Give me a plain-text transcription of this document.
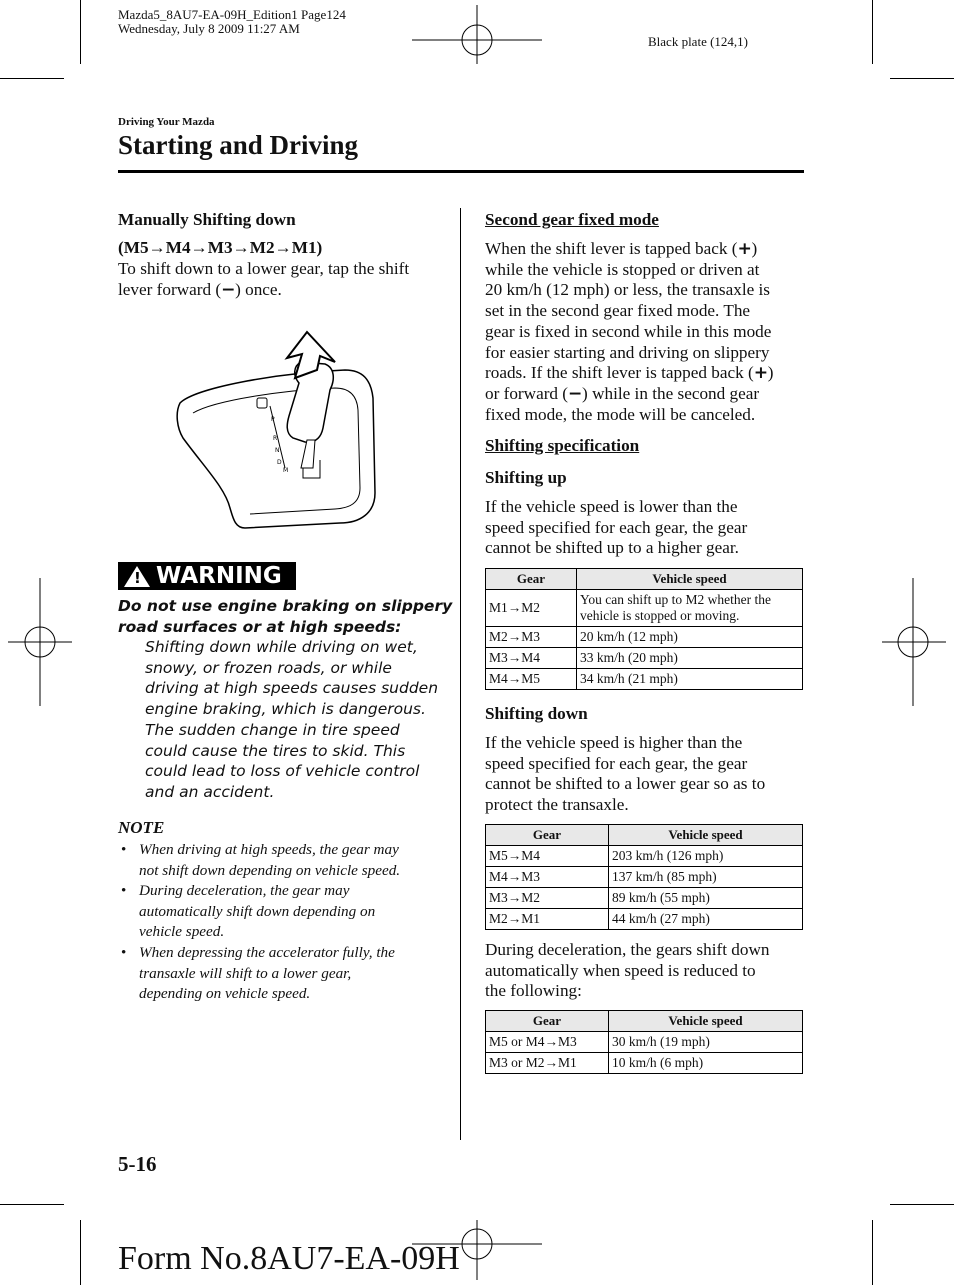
Mazda5_8AU7-EA-09H_Edition1 Page124
Wednesday, July 8 2009 11:27 AM
Black plate (124,1)
Driving Your Mazda
Starting and Driving
Manually Shifting down
(M5→M4→M3→M2→M1)
To shift down to a lower gear, tap the shift
lever forward (−) once.
P
R
N
D
M
! WARNING
Do not use engine braking on slippery
road surfaces or at high speeds:
Shifting down while driving on wet,
snowy, or frozen roads, or while
driving at high speeds causes sudden
engine braking, which is dangerous.
The sudden change in tire speed
could cause the tires to skid. This
could lead to loss of vehicle control
and an accident.
NOTE
• When driving at high speeds, the gear may
not shift down depending on vehicle speed.
• During deceleration, the gear may
automatically shift down depending on
vehicle speed.
• When depressing the accelerator fully, the
transaxle will shift to a lower gear,
depending on vehicle speed.
Second gear fixed mode
When the shift lever is tapped back (+)
while the vehicle is stopped or driven at
20 km/h (12 mph) or less, the transaxle is
set in the second gear fixed mode. The
gear is fixed in second while in this mode
for easier starting and driving on slippery
roads. If the shift lever is tapped back (+)
or forward (−) while in the second gear
fixed mode, the mode will be canceled.
Shifting specification
Shifting up
If the vehicle speed is lower than the
speed specified for each gear, the gear
cannot be shifted up to a higher gear.
Gear	Vehicle speed
M1→M2	You can shift up to M2 whether the vehicle is stopped or moving.
M2→M3	20 km/h (12 mph)
M3→M4	33 km/h (20 mph)
M4→M5	34 km/h (21 mph)
Shifting down
If the vehicle speed is higher than the
speed specified for each gear, the gear
cannot be shifted to a lower gear so as to
protect the transaxle.
Gear	Vehicle speed
M5→M4	203 km/h (126 mph)
M4→M3	137 km/h (85 mph)
M3→M2	89 km/h (55 mph)
M2→M1	44 km/h (27 mph)
During deceleration, the gears shift down
automatically when speed is reduced to
the following:
Gear	Vehicle speed
M5 or M4→M3	30 km/h (19 mph)
M3 or M2→M1	10 km/h (6 mph)
5-16
Form No.8AU7-EA-09H
